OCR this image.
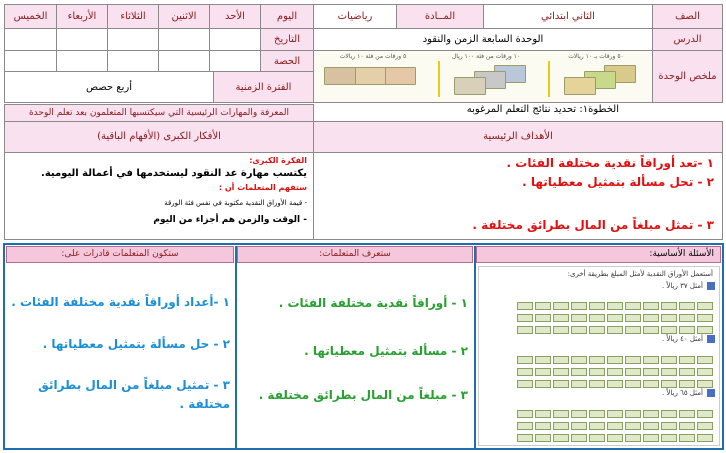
الصف
الثاني ابتدائي
المــادة
رياضيات
اليوم
الأحد
الاثنين
الثلاثاء
الأربعاء
الخميس
الدرس
الوحدة السابعة الزمن والنقود
التاريخ
الحصة
ملخص الوحدة
٥٠ ورقات بـ ١٠ ريالات
١٠ ورقات من فئة ١٠٠ ريال
٥ ورقات من فئة ١٠ ريالات
الفترة الزمنية
أربع حصص
الخطوة١: تحديد نتائج التعلم المرغوبه
المعرفة والمهارات الرئيسية التي سيكتسبها المتعلمون بعد تعلم الوحدة
الأفكار الكبرى (الأفهام الباقية)	الأهداف الرئيسية
الفكرة الكبرى:
يكتسب مهارة عد النقود ليستخدمها في أعمالة اليومية.
ستفهم المتعلمات أن :
- قيمة الأوراق النقدية مكتوبة في نفس فئة الورقة
- الوقت والزمن هم أجزاء من اليوم
١ -تعد أوراقاً نقدية مختلفة الفئات .
٢ - تحل مسألة بتمثيل معطياتها .
٣ - تمثل مبلغاً من المال بطرائق مختلفة .
الأسئلة الأساسية:
ستعرف المتعلمات:
ستكون المتعلمات قادرات على:
أستعمل الأوراق النقدية لأمثل المبلغ بطريقة أخرى:
أمثل ٣٧ ريالاً .
أمثل ٤٠ ريالاً .
أمثل ٦٥ ريالاً .
١ - أوراقاً نقدية مختلفة الفئات .
٢ - مسألة بتمثيل معطياتها .
٣ - مبلغاً من المال بطرائق مختلفة .
١ -أعداد أوراقاً نقدية مختلفة الفئات .
٢ - حل مسألة بتمثيل معطياتها .
٣ - تمثيل مبلغاً من المال بطرائق مختلفة .
